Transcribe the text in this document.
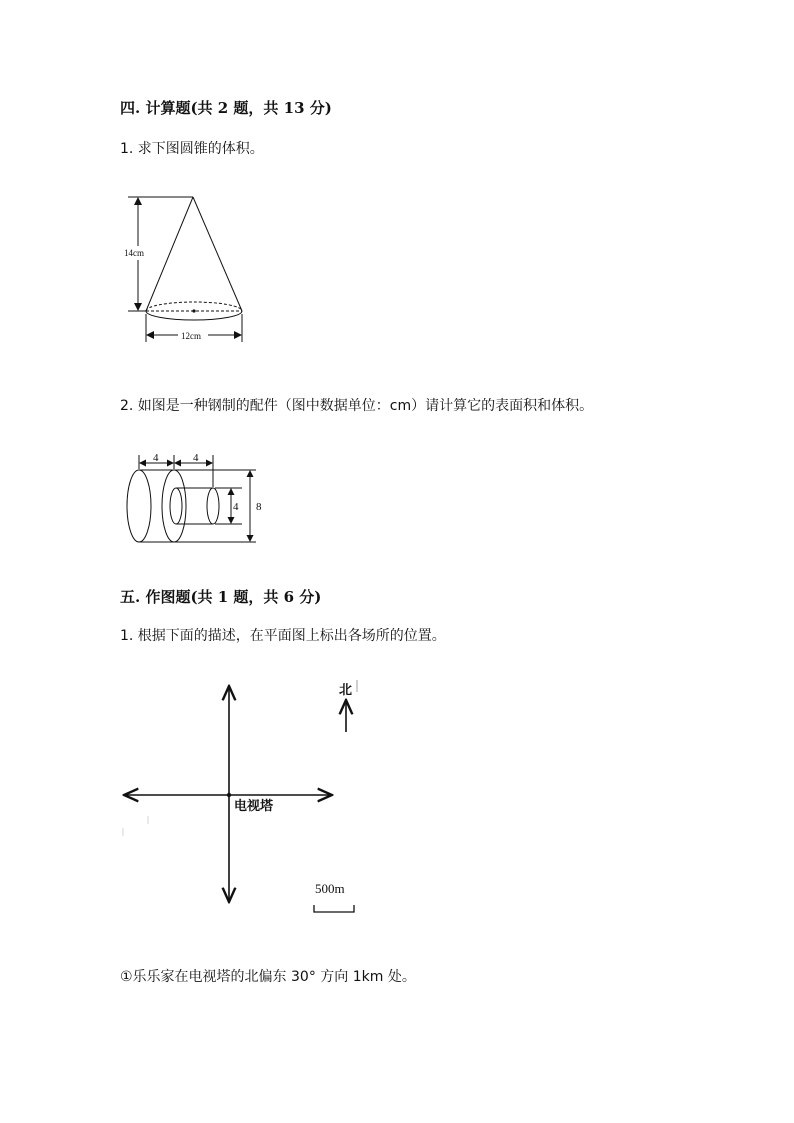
四. 计算题(共 2 题，共 13 分)
1. 求下图圆锥的体积。
14cm
12cm
2. 如图是一种钢制的配件（图中数据单位：cm）请计算它的表面积和体积。
4	4
4 8
五. 作图题(共 1 题，共 6 分)
1. 根据下面的描述，在平面图上标出各场所的位置。
电视塔
北
500m
①乐乐家在电视塔的北偏东 30° 方向 1km 处。
